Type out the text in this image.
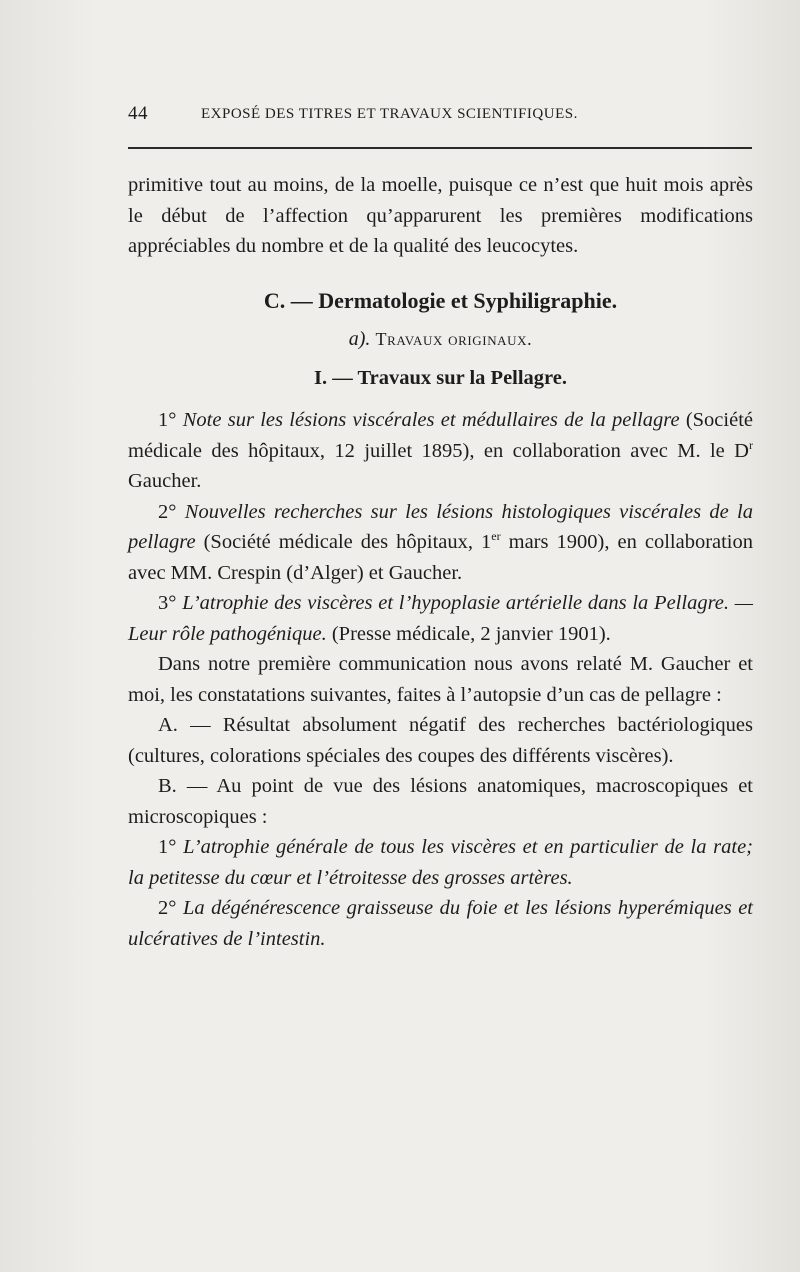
44	EXPOSÉ DES TITRES ET TRAVAUX SCIENTIFIQUES.

primitive tout au moins, de la moelle, puisque ce n’est que huit mois après le début de l’affection qu’apparurent les premières modifications appréciables du nombre et de la qualité des leucocytes.

C. — Dermatologie et Syphiligraphie.

a). Travaux originaux.

I. — Travaux sur la Pellagre.

1° Note sur les lésions viscérales et médullaires de la pellagre (Société médicale des hôpitaux, 12 juillet 1895), en collaboration avec M. le $D^r$ Gaucher.

2° Nouvelles recherches sur les lésions histologiques viscérales de la pellagre (Société médicale des hôpitaux, 1er mars 1900), en collaboration avec MM. Crespin (d’Alger) et Gaucher.

3° L’atrophie des viscères et l’hypoplasie artérielle dans la Pellagre. — Leur rôle pathogénique. (Presse médicale, 2 janvier 1901).

Dans notre première communication nous avons relaté M. Gaucher et moi, les constatations suivantes, faites à l’autopsie d’un cas de pellagre :

A. — Résultat absolument négatif des recherches bactériologiques (cultures, colorations spéciales des coupes des différents viscères).

B. — Au point de vue des lésions anatomiques, macroscopiques et microscopiques :

1° L’atrophie générale de tous les viscères et en particulier de la rate; la petitesse du cœur et l’étroitesse des grosses artères.

2° La dégénérescence graisseuse du foie et les lésions hyperémiques et ulcératives de l’intestin.
